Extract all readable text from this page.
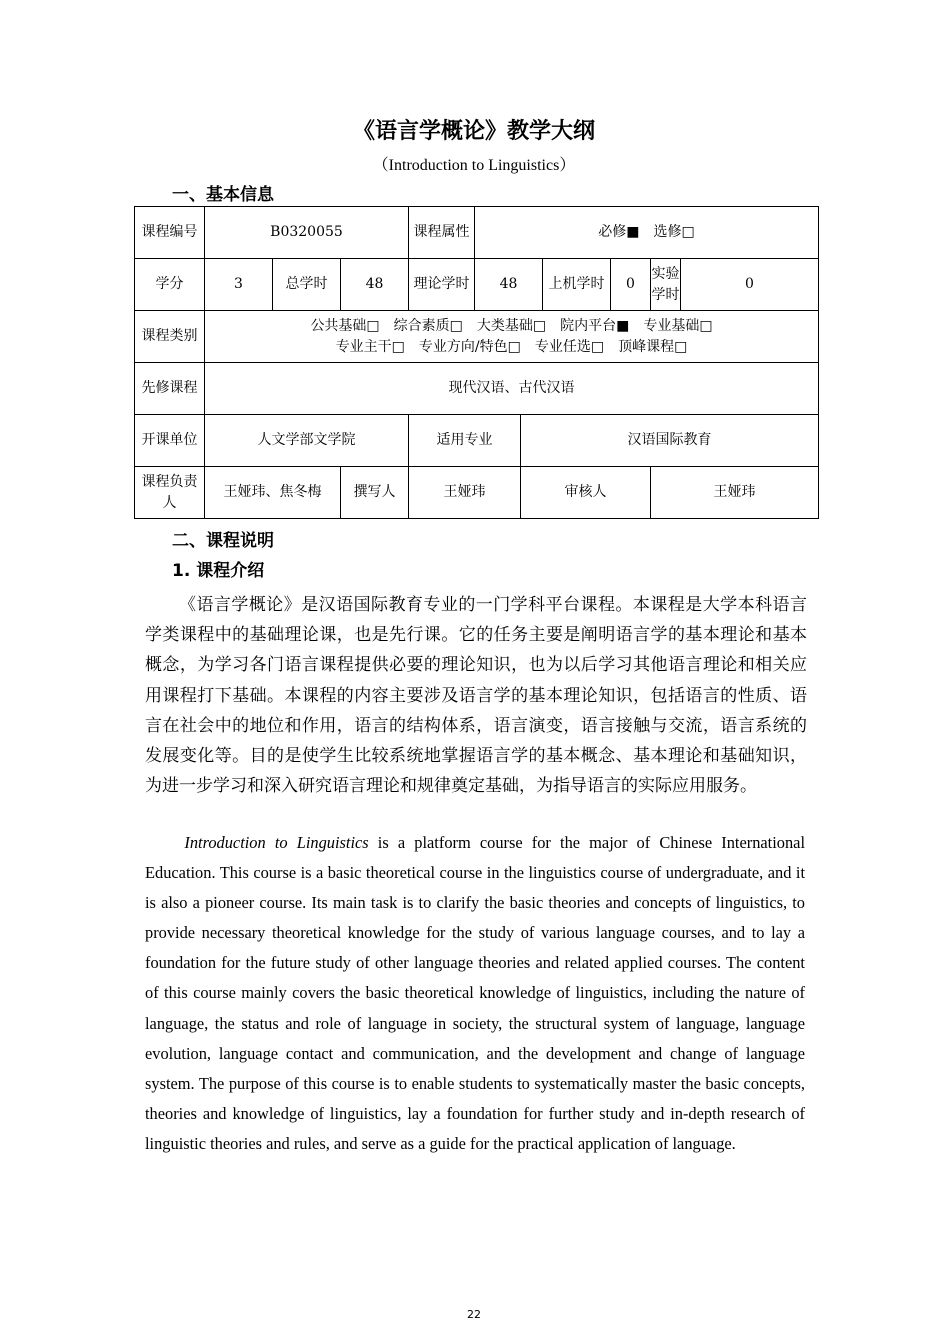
《语言学概论》教学大纲
（Introduction to Linguistics）
一、基本信息
课程编号	B0320055			课程属性	必修■　选修□					
学分	3	总学时	48	理论学时	48		上机学时	0	实验学时	0
课程类别	公共基础□　综合素质□　大类基础□　院内平台■　专业基础□
专业主干□　专业方向/特色□　专业任选□　顶峰课程□									

先修课程	现代汉语、古代汉语									
开课单位	人文学部文学院			适用专业		汉语国际教育				
课程负责人	王娅玮、焦冬梅		撰写人	王娅玮		审核人			王娅玮	
二、课程说明
1. 课程介绍

《语言学概论》是汉语国际教育专业的一门学科平台课程。本课程是大学本科语言学类课程中的基础理论课，也是先行课。它的任务主要是阐明语言学的基本理论和基本概念，为学习各门语言课程提供必要的理论知识，也为以后学习其他语言理论和相关应用课程打下基础。本课程的内容主要涉及语言学的基本理论知识，包括语言的性质、语言在社会中的地位和作用，语言的结构体系，语言演变，语言接触与交流，语言系统的发展变化等。目的是使学生比较系统地掌握语言学的基本概念、基本理论和基础知识，为进一步学习和深入研究语言理论和规律奠定基础，为指导语言的实际应用服务。

Introduction to Linguistics is a platform course for the major of Chinese International Education. This course is a basic theoretical course in the linguistics course of undergraduate, and it is also a pioneer course. Its main task is to clarify the basic theories and concepts of linguistics, to provide necessary theoretical knowledge for the study of various language courses, and to lay a foundation for the future study of other language theories and related applied courses. The content of this course mainly covers the basic theoretical knowledge of linguistics, including the nature of language, the status and role of language in society, the structural system of language, language evolution, language contact and communication, and the development and change of language system. The purpose of this course is to enable students to systematically master the basic concepts, theories and knowledge of linguistics, lay a foundation for further study and in-depth research of linguistic theories and rules, and serve as a guide for the practical application of language.

22
